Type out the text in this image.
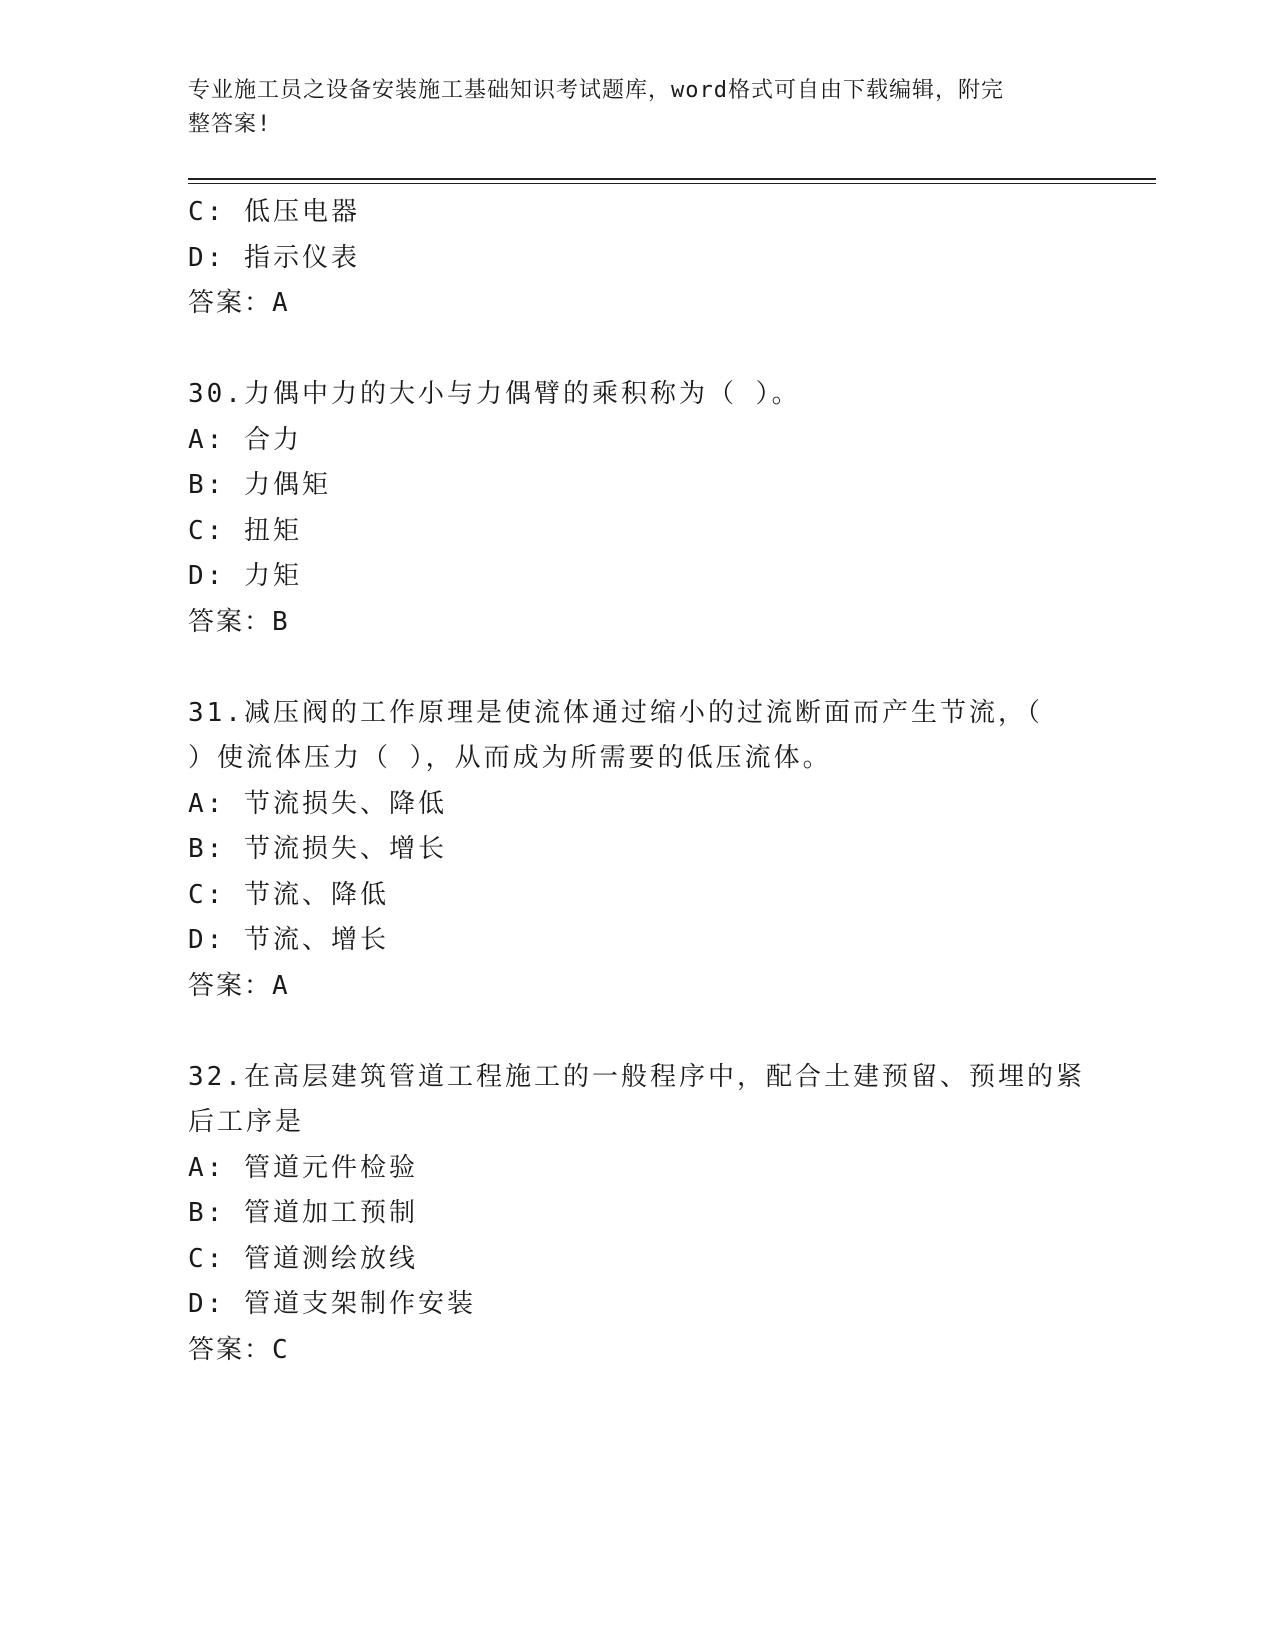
专业施工员之设备安装施工基础知识考试题库，word格式可自由下载编辑，附完
整答案!
C: 低压电器
D: 指示仪表
答案：A
30.力偶中力的大小与力偶臂的乘积称为（ ）。
A: 合力
B: 力偶矩
C: 扭矩
D: 力矩
答案：B
31.减压阀的工作原理是使流体通过缩小的过流断面而产生节流，（
）使流体压力（ ），从而成为所需要的低压流体。
A: 节流损失、降低
B: 节流损失、增长
C: 节流、降低
D: 节流、增长
答案：A
32.在高层建筑管道工程施工的一般程序中，配合土建预留、预埋的紧
后工序是
A: 管道元件检验
B: 管道加工预制
C: 管道测绘放线
D: 管道支架制作安装
答案：C
